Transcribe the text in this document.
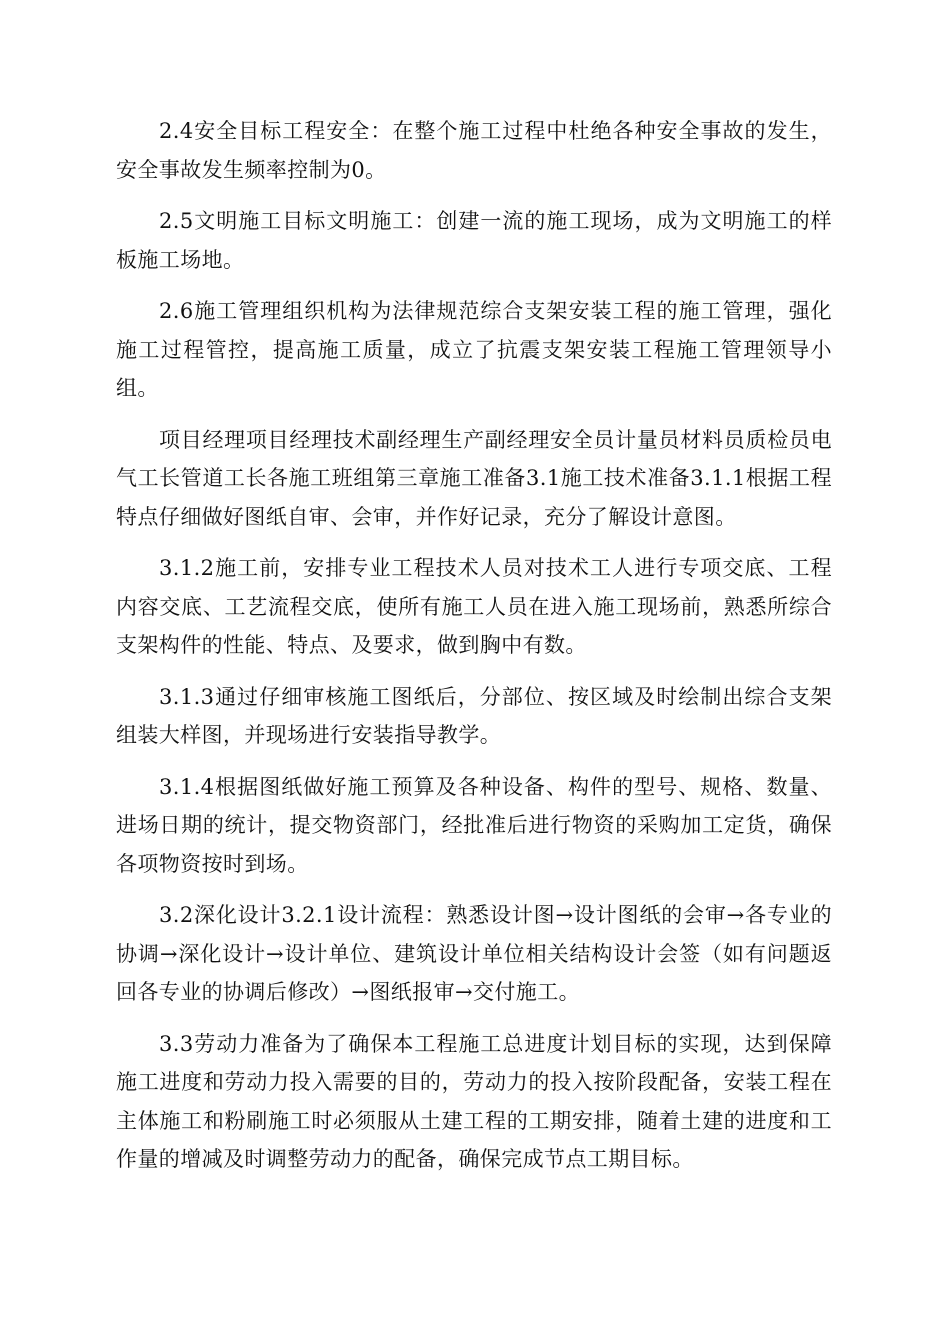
2.4安全目标工程安全：在整个施工过程中杜绝各种安全事故的发生，安全事故发生频率控制为0。

2.5文明施工目标文明施工：创建一流的施工现场，成为文明施工的样板施工场地。

2.6施工管理组织机构为法律规范综合支架安装工程的施工管理，强化施工过程管控，提高施工质量，成立了抗震支架安装工程施工管理领导小组。

项目经理项目经理技术副经理生产副经理安全员计量员材料员质检员电气工长管道工长各施工班组第三章施工准备3.1施工技术准备3.1.1根据工程特点仔细做好图纸自审、会审，并作好记录，充分了解设计意图。

3.1.2施工前，安排专业工程技术人员对技术工人进行专项交底、工程内容交底、工艺流程交底，使所有施工人员在进入施工现场前，熟悉所综合支架构件的性能、特点、及要求，做到胸中有数。

3.1.3通过仔细审核施工图纸后，分部位、按区域及时绘制出综合支架组装大样图，并现场进行安装指导教学。

3.1.4根据图纸做好施工预算及各种设备、构件的型号、规格、数量、进场日期的统计，提交物资部门，经批准后进行物资的采购加工定货，确保各项物资按时到场。

3.2深化设计3.2.1设计流程：熟悉设计图→设计图纸的会审→各专业的协调→深化设计→设计单位、建筑设计单位相关结构设计会签（如有问题返回各专业的协调后修改）→图纸报审→交付施工。

3.3劳动力准备为了确保本工程施工总进度计划目标的实现，达到保障施工进度和劳动力投入需要的目的，劳动力的投入按阶段配备，安装工程在主体施工和粉刷施工时必须服从土建工程的工期安排，随着土建的进度和工作量的增减及时调整劳动力的配备，确保完成节点工期目标。
